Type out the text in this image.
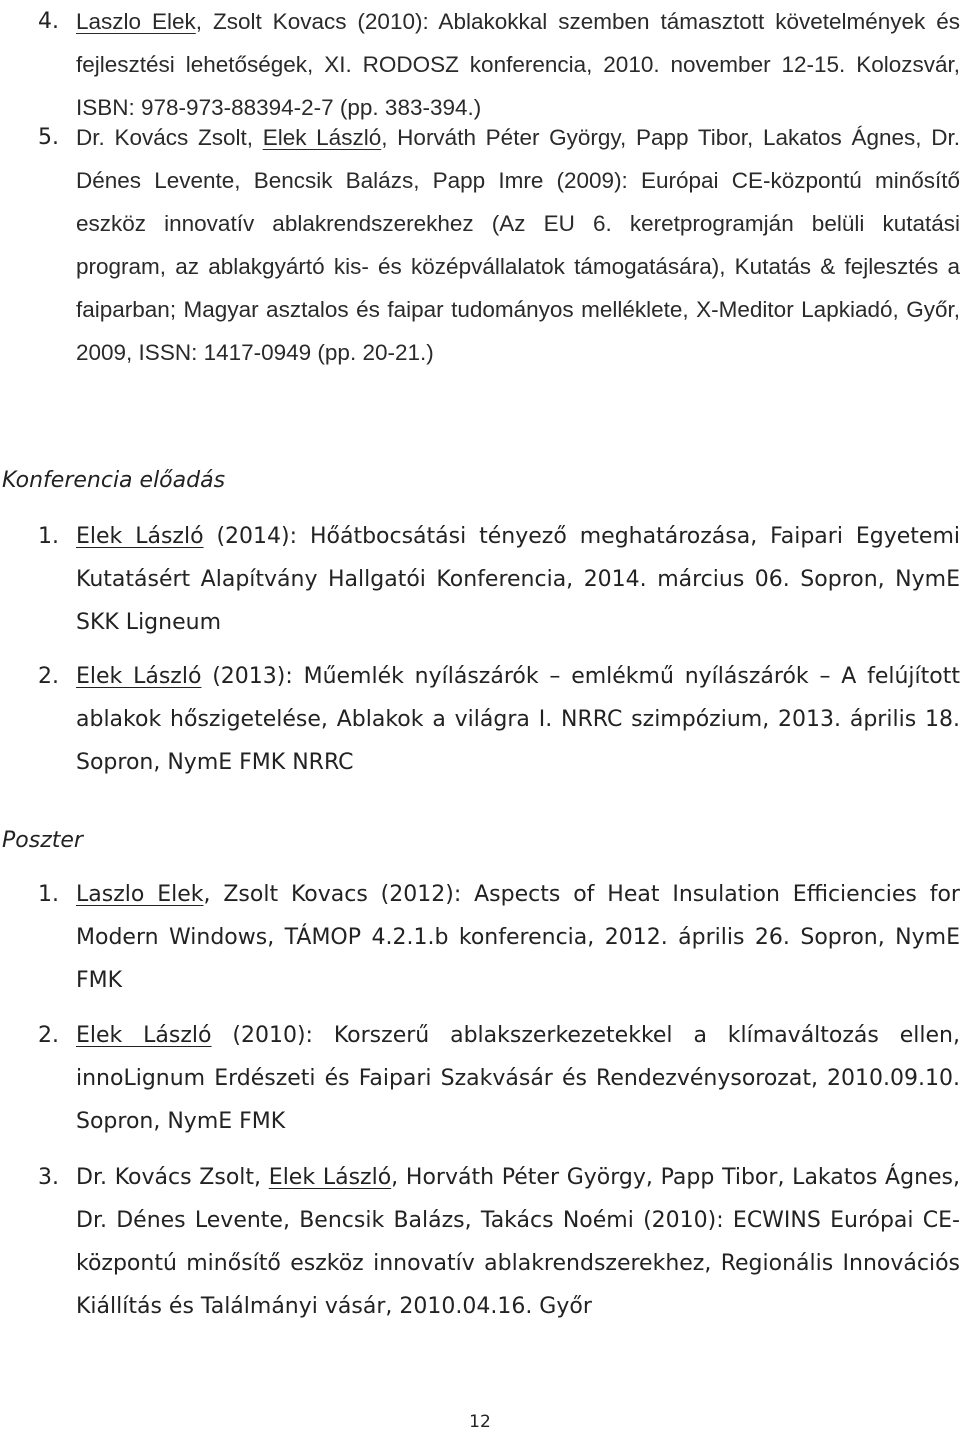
4. Laszlo Elek, Zsolt Kovacs (2010): Ablakokkal szemben támasztott követelmények és fejlesztési lehetőségek, XI. RODOSZ konferencia, 2010. november 12-15. Kolozsvár, ISBN: 978-973-88394-2-7 (pp. 383-394.)
5. Dr. Kovács Zsolt, Elek László, Horváth Péter György, Papp Tibor, Lakatos Ágnes, Dr. Dénes Levente, Bencsik Balázs, Papp Imre (2009): Európai CE-központú minősítő eszköz innovatív ablakrendszerekhez (Az EU 6. keretprogramján belüli kutatási program, az ablakgyártó kis- és középvállalatok támogatására), Kutatás & fejlesztés a faiparban; Magyar asztalos és faipar tudományos melléklete, X-Meditor Lapkiadó, Győr, 2009, ISSN: 1417-0949 (pp. 20-21.)
Konferencia előadás
1. Elek László (2014): Hőátbocsátási tényező meghatározása, Faipari Egyetemi Kutatásért Alapítvány Hallgatói Konferencia, 2014. március 06. Sopron, NymE SKK Ligneum
2. Elek László (2013): Műemlék nyílászárók – emlékmű nyílászárók – A felújított ablakok hőszigetelése, Ablakok a világra I. NRRC szimpózium, 2013. április 18. Sopron, NymE FMK NRRC
Poszter
1. Laszlo Elek, Zsolt Kovacs (2012): Aspects of Heat Insulation Efficiencies for Modern Windows, TÁMOP 4.2.1.b konferencia, 2012. április 26. Sopron, NymE FMK
2. Elek László (2010): Korszerű ablakszerkezetekkel a klímaváltozás ellen, innoLignum Erdészeti és Faipari Szakvásár és Rendezvénysorozat, 2010.09.10. Sopron, NymE FMK
3. Dr. Kovács Zsolt, Elek László, Horváth Péter György, Papp Tibor, Lakatos Ágnes, Dr. Dénes Levente, Bencsik Balázs, Takács Noémi (2010): ECWINS Európai CE-központú minősítő eszköz innovatív ablakrendszerekhez, Regionális Innovációs Kiállítás és Találmányi vásár, 2010.04.16. Győr
12
